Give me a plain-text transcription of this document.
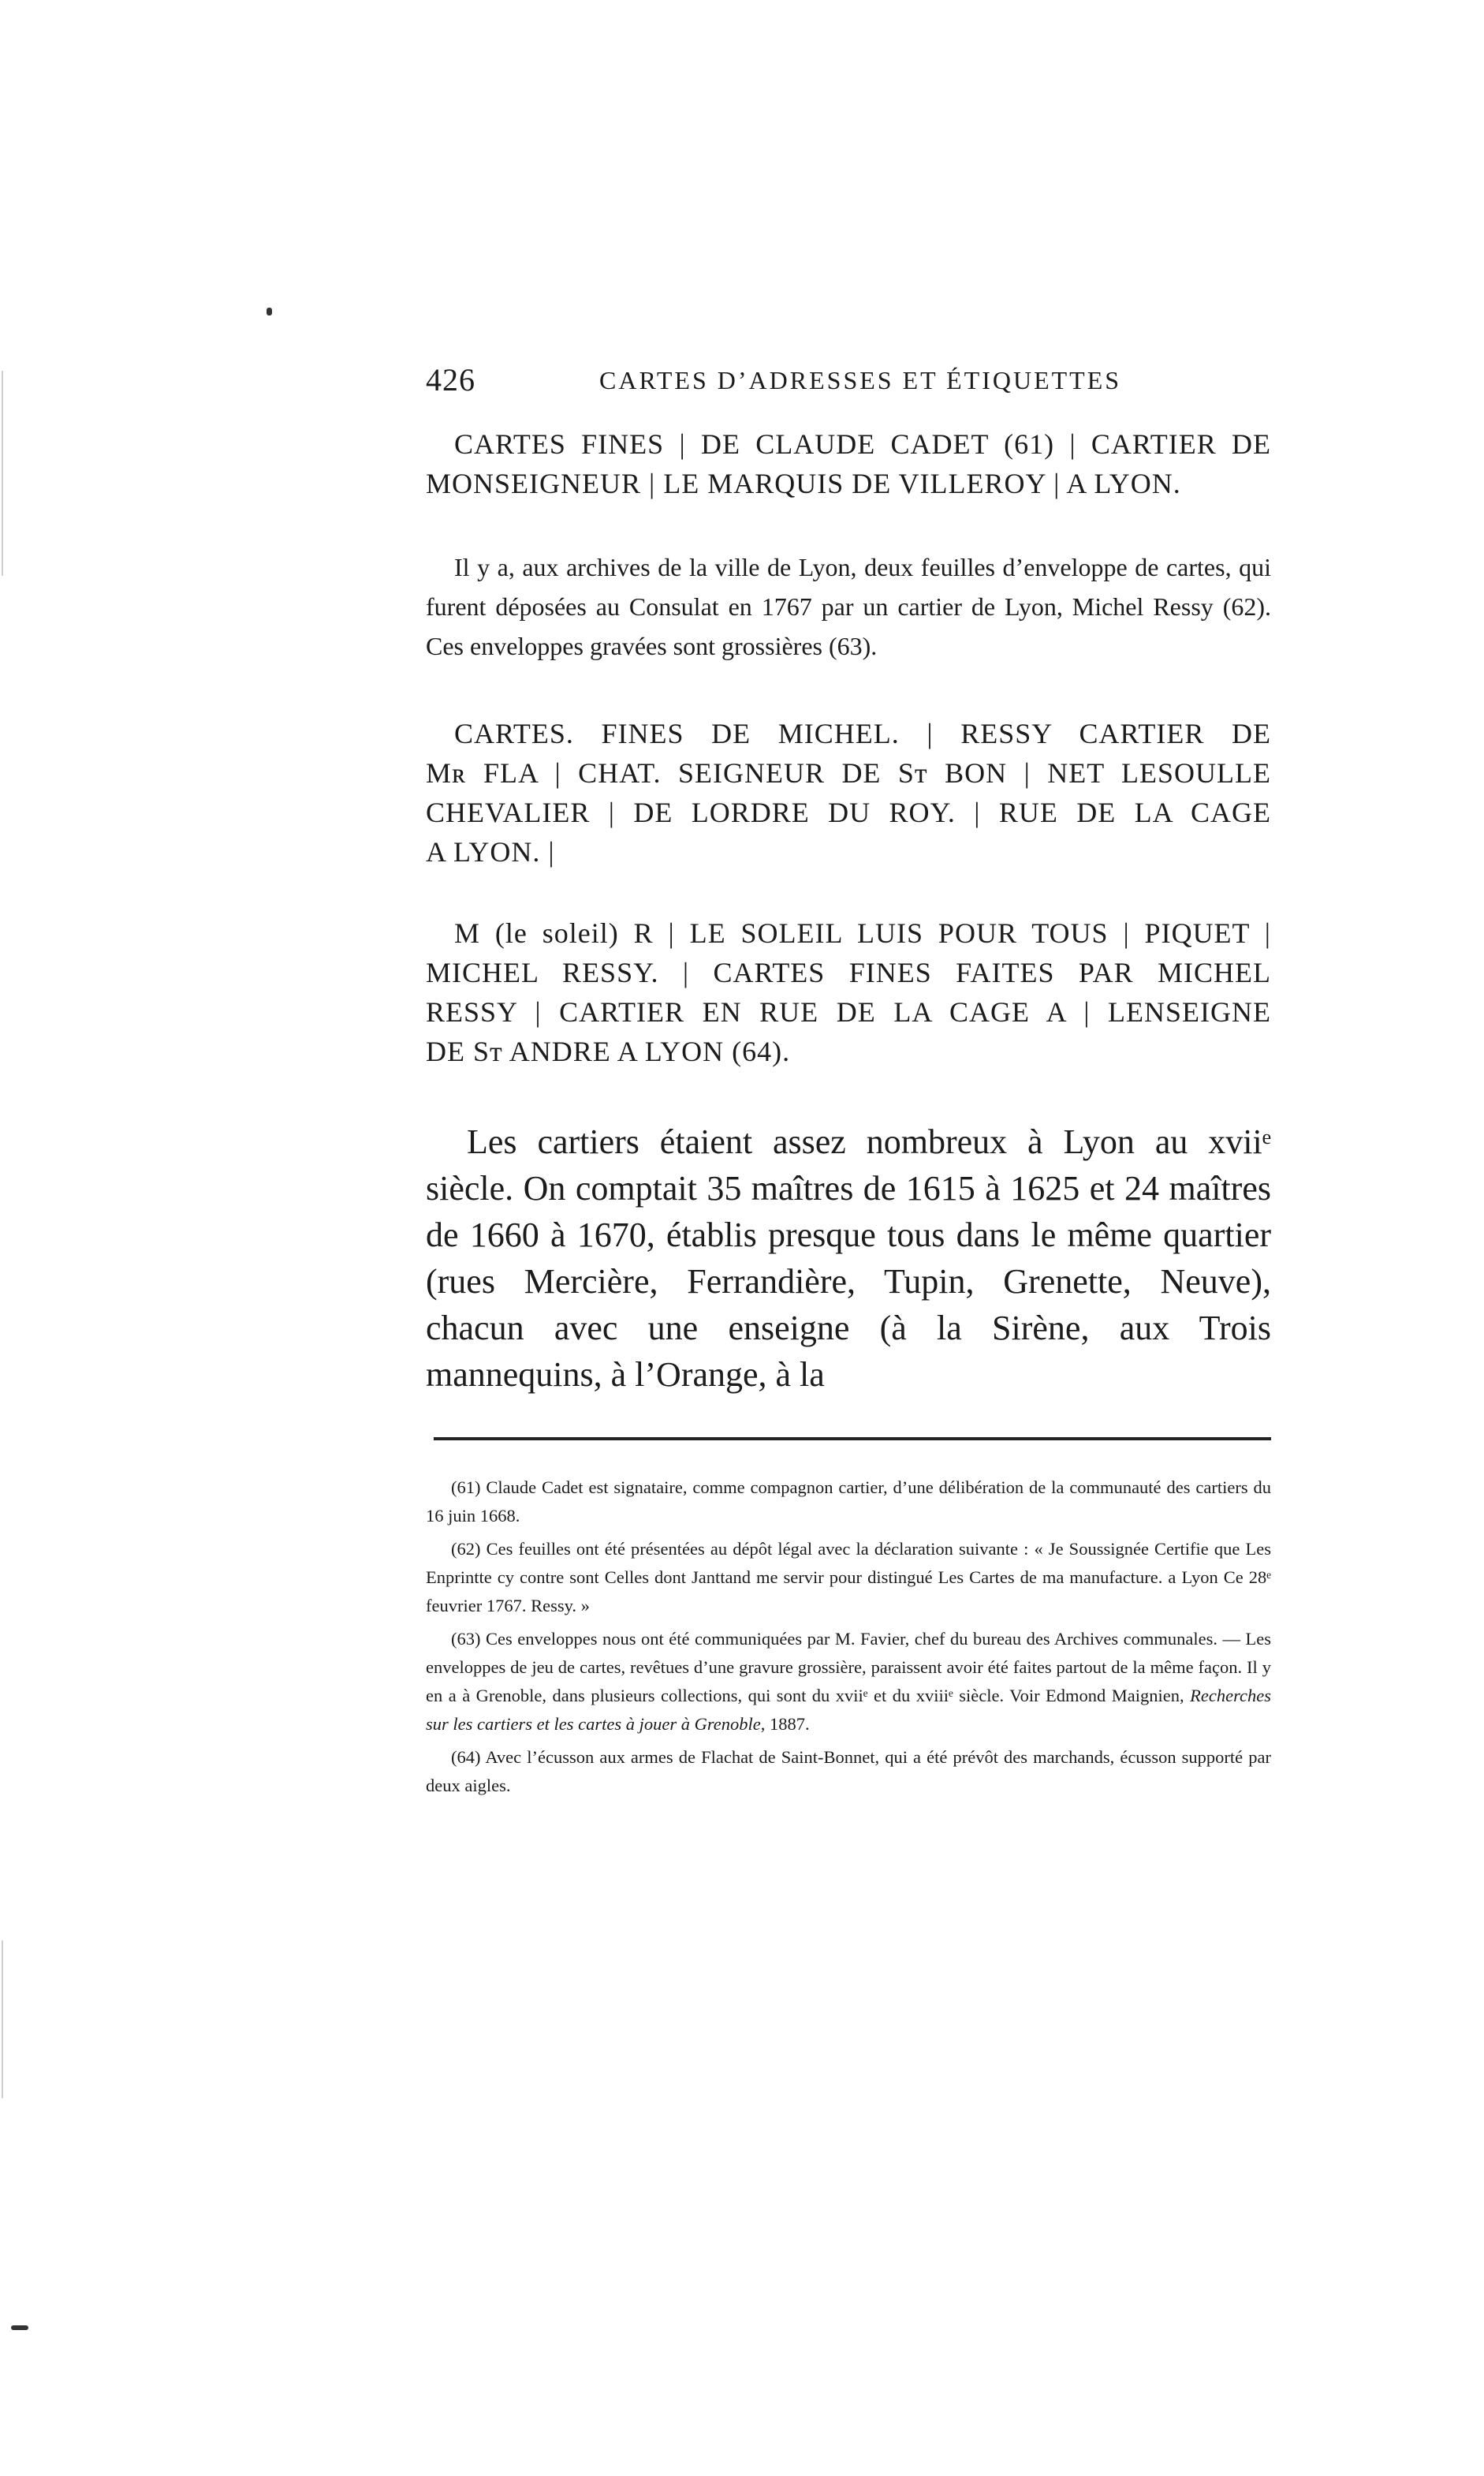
426	CARTES D’ADRESSES ET ÉTIQUETTES

CARTES FINES | DE CLAUDE CADET (61) | CARTIER DE

MONSEIGNEUR | LE MARQUIS DE VILLEROY | A LYON.

Il y a, aux archives de la ville de Lyon, deux feuilles d’enveloppe de cartes, qui furent déposées au Consulat en 1767 par un cartier de Lyon, Michel Ressy (62). Ces enveloppes gravées sont grossières (63).

CARTES. FINES DE MICHEL. | RESSY CARTIER DE

Mʀ FLA | CHAT. SEIGNEUR DE Sᴛ BON | NET LESOULLE

CHEVALIER | DE LORDRE DU ROY. | RUE DE LA CAGE

A LYON. |

M (le soleil) R | LE SOLEIL LUIS POUR TOUS | PIQUET |

MICHEL RESSY. | CARTES FINES FAITES PAR MICHEL

RESSY | CARTIER EN RUE DE LA CAGE A | LENSEIGNE

DE Sᴛ ANDRE A LYON (64).

Les cartiers étaient assez nombreux à Lyon au xviiᵉ siècle. On comptait 35 maîtres de 1615 à 1625 et 24 maîtres de 1660 à 1670, établis presque tous dans le même quartier (rues Mercière, Ferrandière, Tupin, Grenette, Neuve), chacun avec une enseigne (à la Sirène, aux Trois mannequins, à l’Orange, à la

(61) Claude Cadet est signataire, comme compagnon cartier, d’une délibération de la communauté des cartiers du 16 juin 1668.

(62) Ces feuilles ont été présentées au dépôt légal avec la déclaration suivante : « Je Soussignée Certifie que Les Enprintte cy contre sont Celles dont Janttand me servir pour distingué Les Cartes de ma manufacture. a Lyon Ce 28ᵉ feuvrier 1767. Ressy. »

(63) Ces enveloppes nous ont été communiquées par M. Favier, chef du bureau des Archives communales. — Les enveloppes de jeu de cartes, revêtues d’une gravure grossière, paraissent avoir été faites partout de la même façon. Il y en a à Grenoble, dans plusieurs collections, qui sont du xviiᵉ et du xviiiᵉ siècle. Voir Edmond Maignien, Recherches sur les cartiers et les cartes à jouer à Grenoble, 1887.

(64) Avec l’écusson aux armes de Flachat de Saint-Bonnet, qui a été prévôt des marchands, écusson supporté par deux aigles.
